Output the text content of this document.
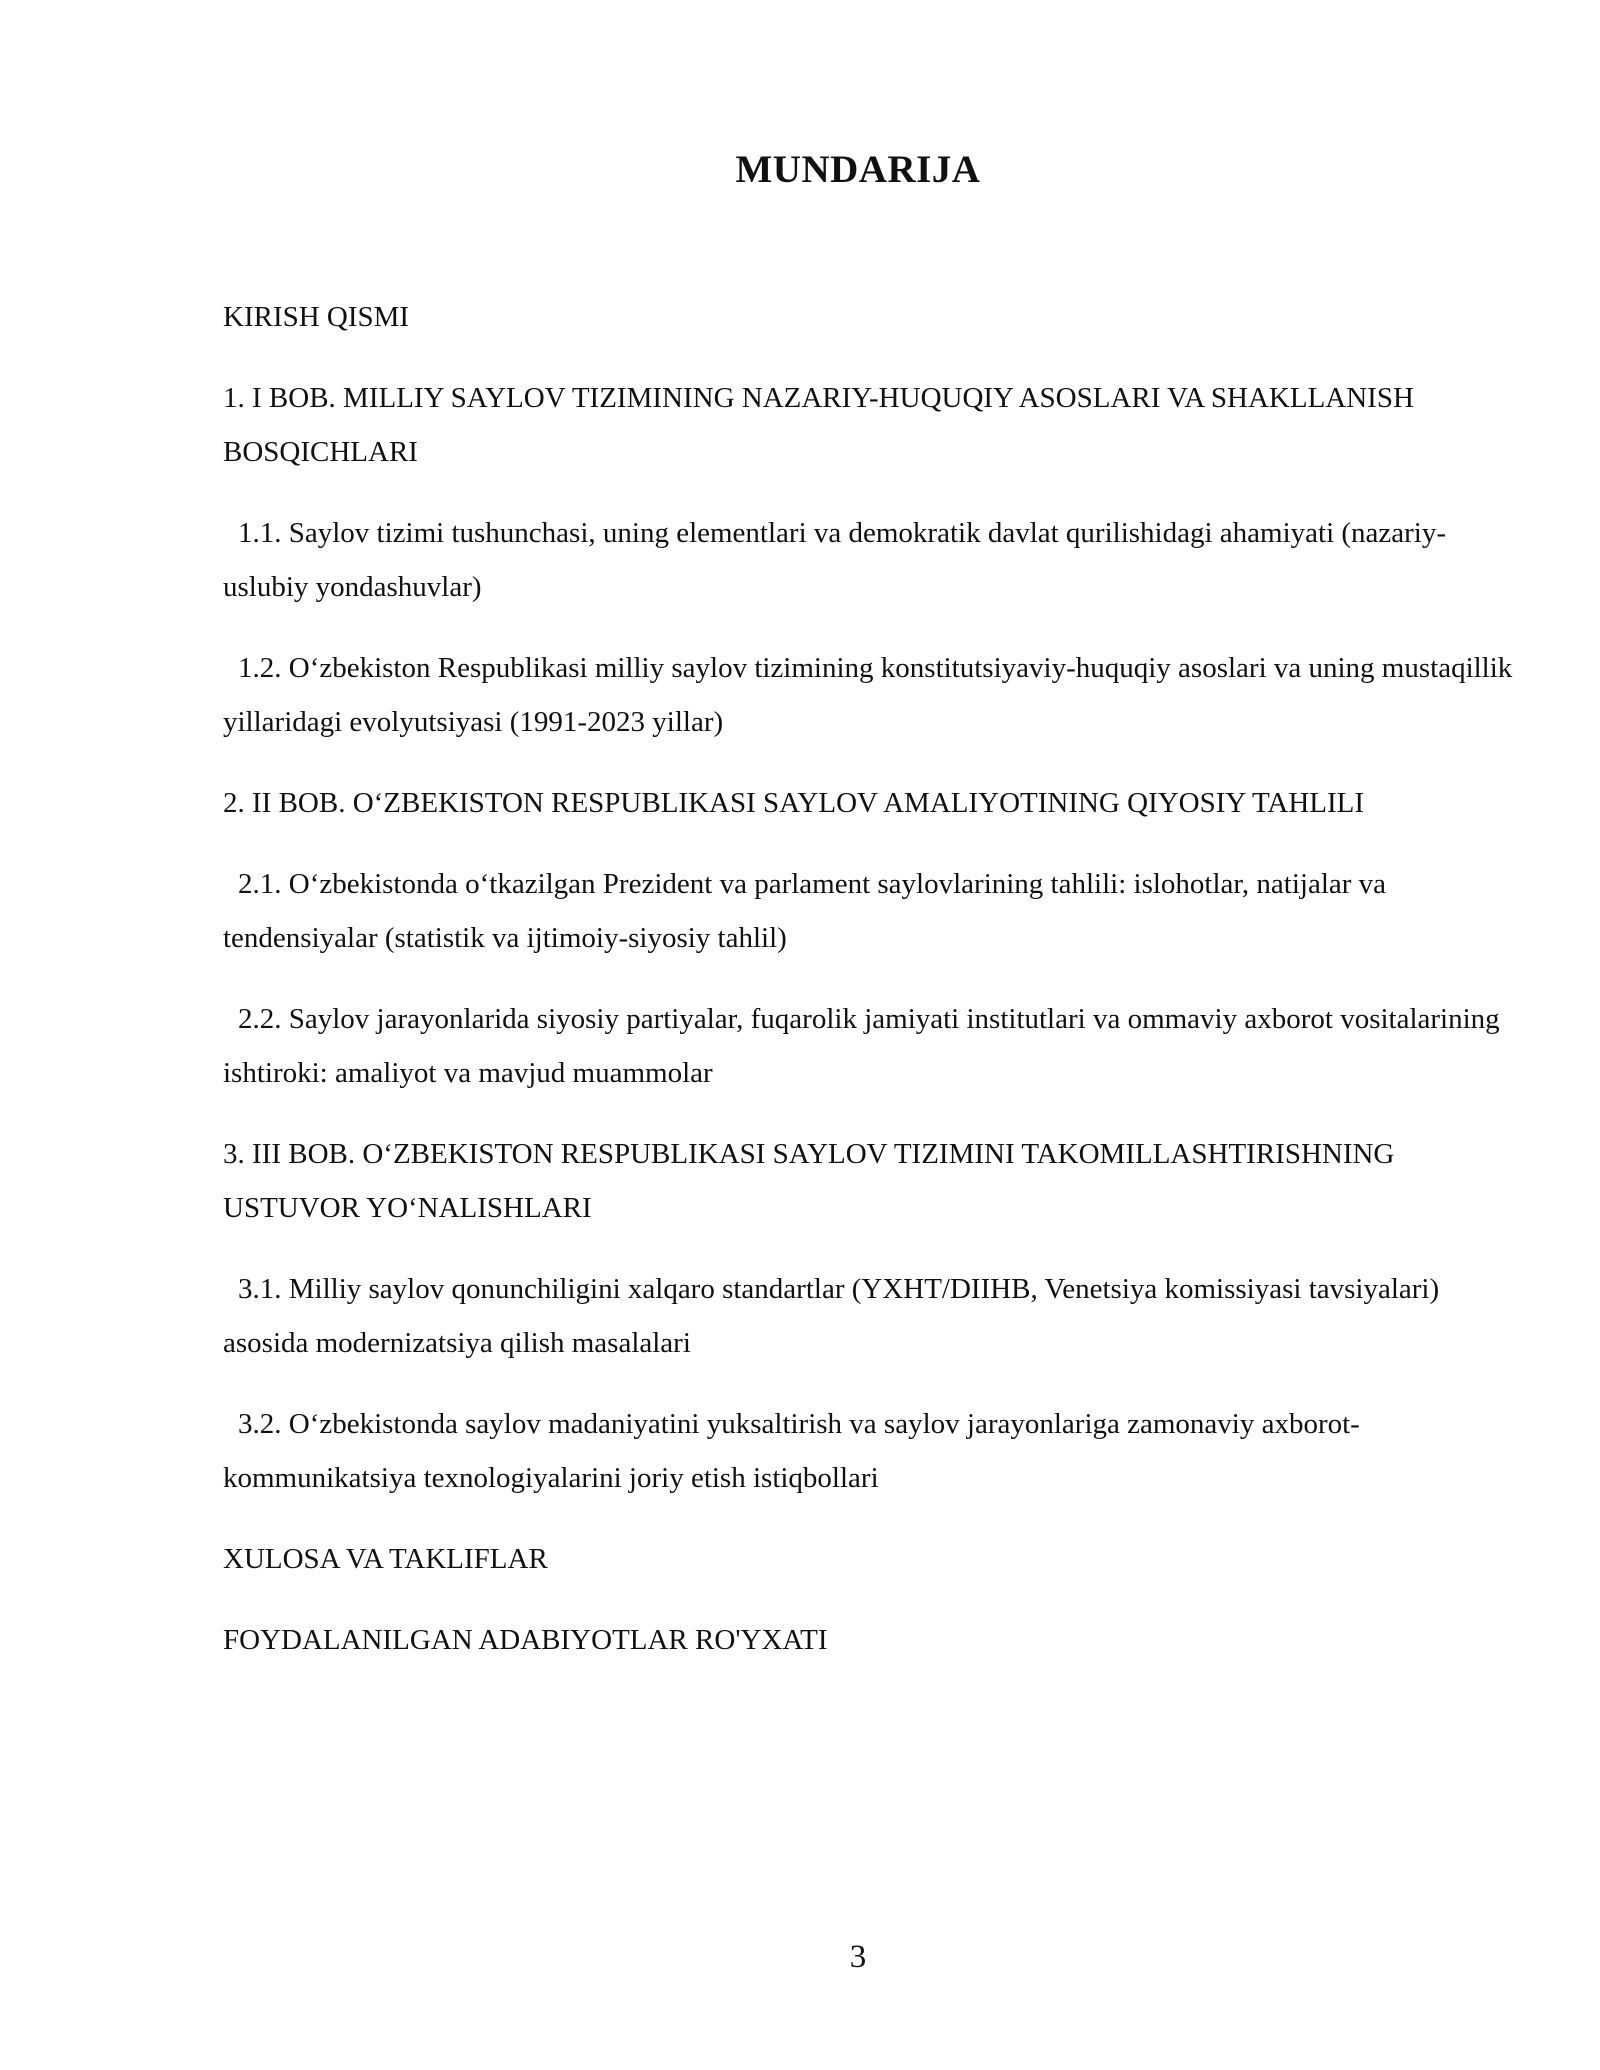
MUNDARIJA
KIRISH QISMI
1. I BOB. MILLIY SAYLOV TIZIMINING NAZARIY-HUQUQIY ASOSLARI VA SHAKLLANISH BOSQICHLARI
1.1. Saylov tizimi tushunchasi, uning elementlari va demokratik davlat qurilishidagi ahamiyati (nazariy-uslubiy yondashuvlar)
1.2. O‘zbekiston Respublikasi milliy saylov tizimining konstitutsiyaviy-huquqiy asoslari va uning mustaqillik yillaridagi evolyutsiyasi (1991-2023 yillar)
2. II BOB. O‘ZBEKISTON RESPUBLIKASI SAYLOV AMALIYOTINING QIYOSIY TAHLILI
2.1. O‘zbekistonda o‘tkazilgan Prezident va parlament saylovlarining tahlili: islohotlar, natijalar va tendensiyalar (statistik va ijtimoiy-siyosiy tahlil)
2.2. Saylov jarayonlarida siyosiy partiyalar, fuqarolik jamiyati institutlari va ommaviy axborot vositalarining ishtiroki: amaliyot va mavjud muammolar
3. III BOB. O‘ZBEKISTON RESPUBLIKASI SAYLOV TIZIMINI TAKOMILLASHTIRISHNING USTUVOR YO‘NALISHLARI
3.1. Milliy saylov qonunchiligini xalqaro standartlar (YXHT/DIIHB, Venetsiya komissiyasi tavsiyalari) asosida modernizatsiya qilish masalalari
3.2. O‘zbekistonda saylov madaniyatini yuksaltirish va saylov jarayonlariga zamonaviy axborot-kommunikatsiya texnologiyalarini joriy etish istiqbollari
XULOSA VA TAKLIFLAR
FOYDALANILGAN ADABIYOTLAR RO'YXATI
3
